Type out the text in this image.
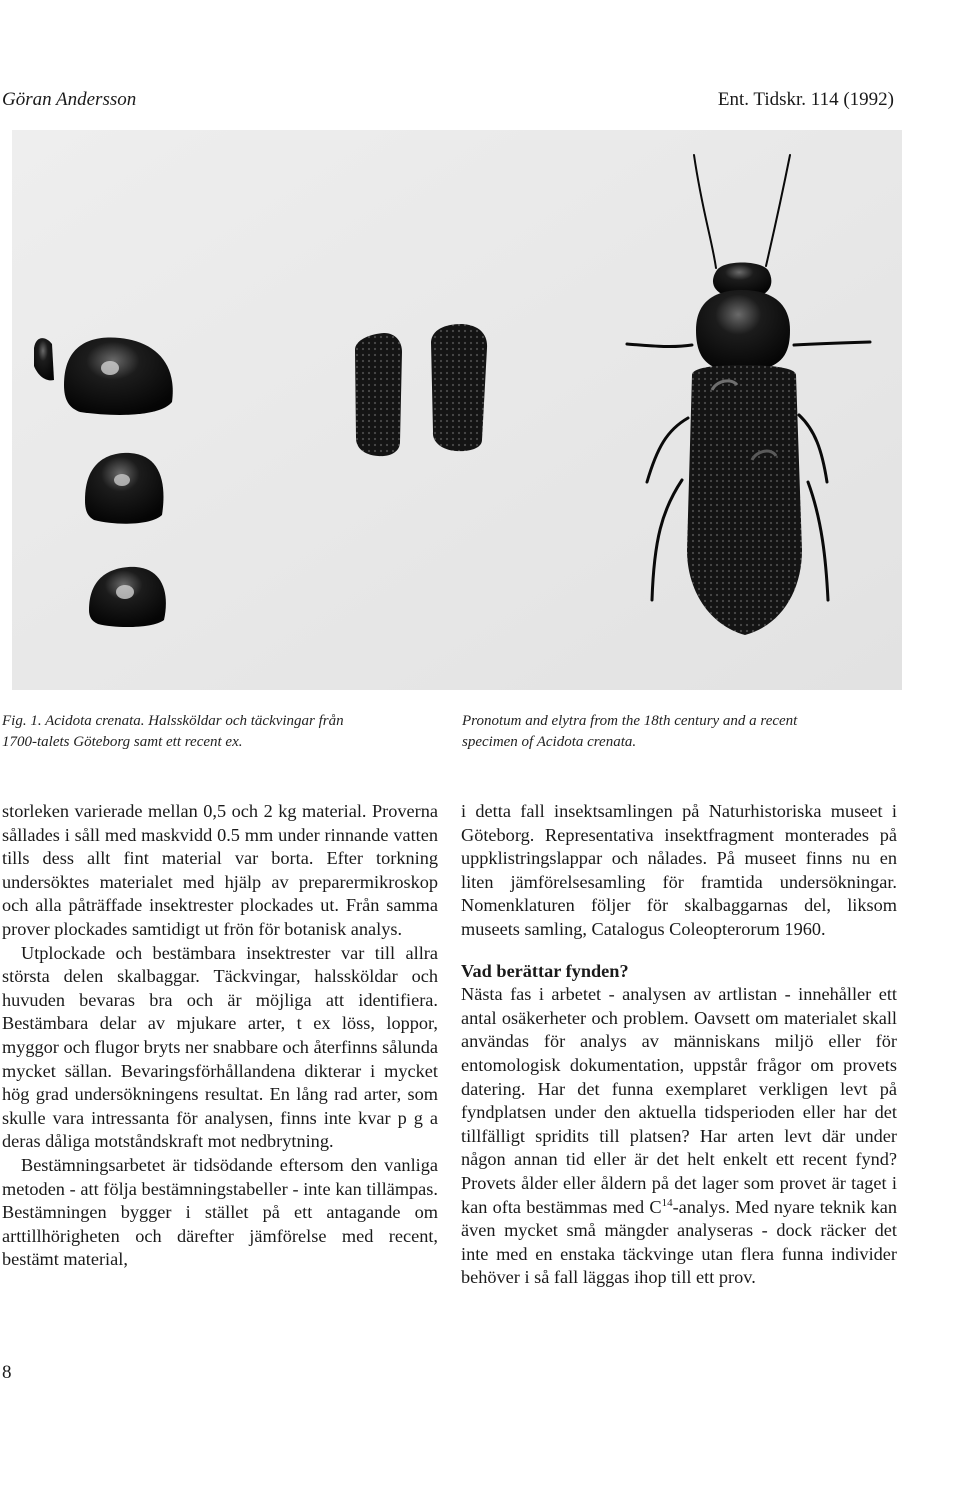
Göran Andersson	Ent. Tidskr. 114 (1992)
Fig. 1. Acidota crenata. Halssköldar och täckvingar från
1700-talets Göteborg samt ett recent ex.
Pronotum and elytra from the 18th century and a recent
specimen of Acidota crenata.

storleken varierade mellan 0,5 och 2 kg material. Proverna sållades i såll med maskvidd 0.5 mm under rinnande vatten tills dess allt fint material var borta. Efter torkning undersöktes materialet med hjälp av preparermikroskop och alla påträffade insektrester plockades ut. Från samma prover plockades samtidigt ut frön för botanisk analys.

Utplockade och bestämbara insektrester var till allra största delen skalbaggar. Täckvingar, halssköldar och huvuden bevaras bra och är möjliga att identifiera. Bestämbara delar av mjukare arter, t ex löss, loppor, myggor och flugor bryts ner snabbare och återfinns sålunda mycket sällan. Bevaringsförhållandena dikterar i mycket hög grad undersökningens resultat. En lång rad arter, som skulle vara intressanta för analysen, finns inte kvar p g a deras dåliga motståndskraft mot nedbrytning.

Bestämningsarbetet är tidsödande eftersom den vanliga metoden - att följa bestämningstabeller - inte kan tillämpas. Bestämningen bygger i stället på ett antagande om arttillhörigheten och därefter jämförelse med recent, bestämt material,

i detta fall insektsamlingen på Naturhistoriska museet i Göteborg. Representativa insektfragment monterades på uppklistringslappar och nålades. På museet finns nu en liten jämförelsesamling för framtida undersökningar. Nomenklaturen följer för skalbaggarnas del, liksom museets samling, Catalogus Coleopterorum 1960.

Vad berättar fynden?

Nästa fas i arbetet - analysen av artlistan - innehåller ett antal osäkerheter och problem. Oavsett om materialet skall användas för analys av människans miljö eller för entomologisk dokumentation, uppstår frågor om provets datering. Har det funna exemplaret verkligen levt på fyndplatsen under den aktuella tidsperioden eller har det tillfälligt spridits till platsen? Har arten levt där under någon annan tid eller är det helt enkelt ett recent fynd? Provets ålder eller åldern på det lager som provet är taget i kan ofta bestämmas med $C^{14}$-analys. Med nyare teknik kan även mycket små mängder analyseras - dock räcker det inte med en enstaka täckvinge utan flera funna individer behöver i så fall läggas ihop till ett prov.

8
